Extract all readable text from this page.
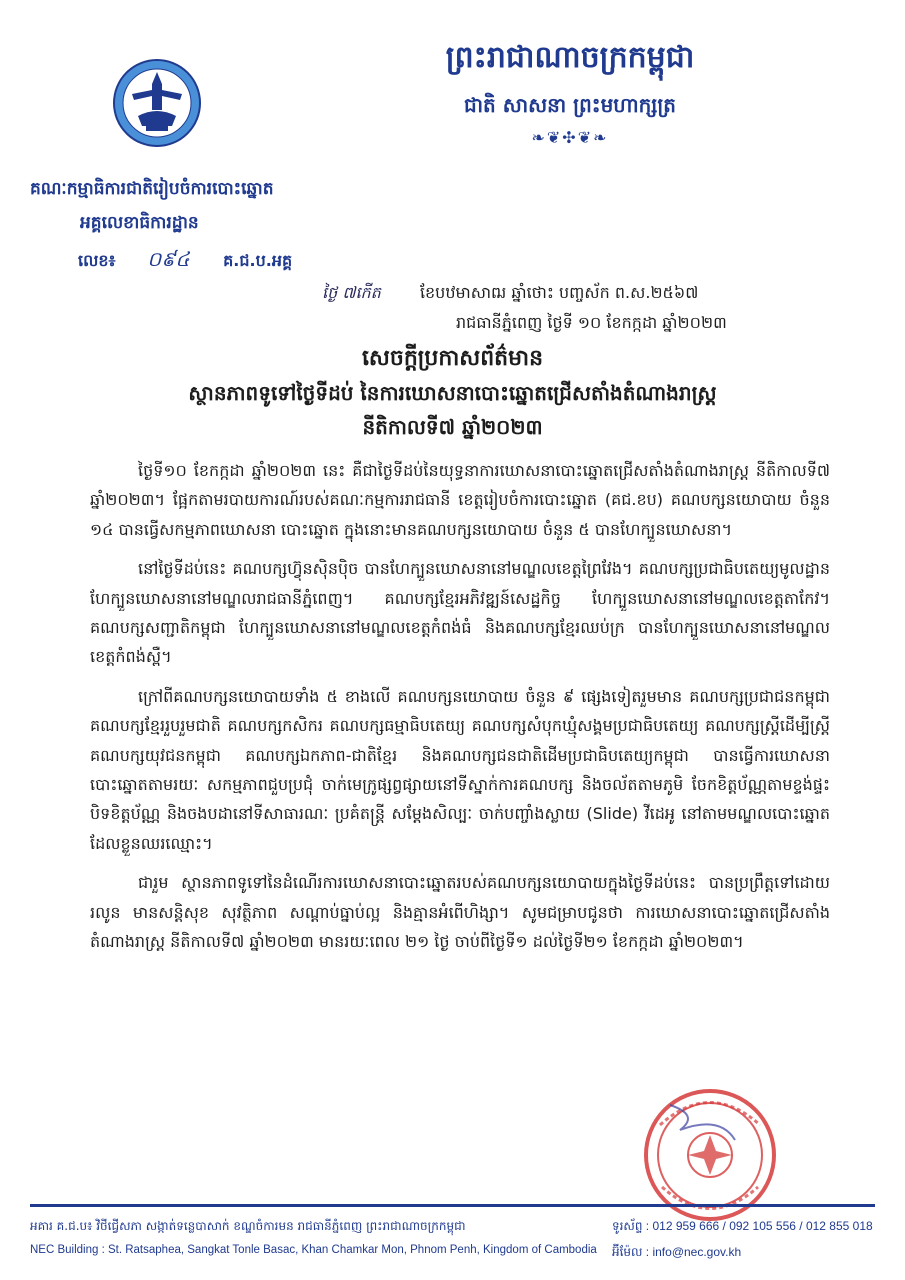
ព្រះរាជាណាចក្រកម្ពុជា
ជាតិ សាសនា ព្រះមហាក្សត្រ
❧❦✣❦❧
គណៈកម្មាធិការជាតិរៀបចំការបោះឆ្នោត
អគ្គលេខាធិការដ្ឋាន
លេខ៖ ០៩៤ គ.ជ.ប.អគ្គ
ថ្ងៃ ៧កើត ខែបឋមាសាឍ ឆ្នាំថោះ បញ្ចស័ក ព.ស.២៥៦៧
រាជធានីភ្នំពេញ ថ្ងៃទី ១០ ខែកក្កដា ឆ្នាំ២០២៣
សេចក្តីប្រកាសព័ត៌មាន
ស្ថានភាពទូទៅថ្ងៃទីដប់ នៃការឃោសនាបោះឆ្នោតជ្រើសតាំងតំណាងរាស្ត្រ
នីតិកាលទី៧ ឆ្នាំ២០២៣

ថ្ងៃទី១០ ខែកក្កដា ឆ្នាំ២០២៣ នេះ គឺជាថ្ងៃទីដប់នៃយុទ្ធនាការឃោសនាបោះឆ្នោតជ្រើសតាំងតំណាងរាស្ត្រ នីតិកាលទី៧ ឆ្នាំ២០២៣។ ផ្អែកតាមរបាយការណ៍របស់គណៈកម្មការរាជធានី ខេត្តរៀបចំការបោះឆ្នោត (គជ.ខប) គណបក្សនយោបាយ ចំនួន ១៤ បានធ្វើសកម្មភាពឃោសនា បោះឆ្នោត ក្នុងនោះមានគណបក្សនយោបាយ ចំនួន ៥ បានហែក្បួនឃោសនា។

នៅថ្ងៃទីដប់នេះ គណបក្សហ៊្វុនស៊ិនប៉ិច បានហែក្បួនឃោសនានៅមណ្ឌលខេត្តព្រៃវែង។ គណបក្សប្រជាធិបតេយ្យមូលដ្ឋាន ហែក្បួនឃោសនានៅមណ្ឌលរាជធានីភ្នំពេញ។ គណបក្សខ្មែរអភិវឌ្ឍន៍សេដ្ឋកិច្ច ហែក្បួនឃោសនានៅមណ្ឌលខេត្តតាកែវ។ គណបក្សសញ្ជាតិកម្ពុជា ហែក្បួនឃោសនានៅមណ្ឌលខេត្តកំពង់ធំ និងគណបក្សខ្មែរឈប់ក្រ បានហែក្បួនឃោសនានៅមណ្ឌលខេត្តកំពង់ស្ពឺ។

ក្រៅពីគណបក្សនយោបាយទាំង ៥ ខាងលើ គណបក្សនយោបាយ ចំនួន ៩ ផ្សេងទៀតរួមមាន គណបក្សប្រជាជនកម្ពុជា គណបក្សខ្មែររួបរួមជាតិ គណបក្សកសិករ គណបក្សធម្មាធិបតេយ្យ គណបក្សសំបុកឃ្មុំសង្គមប្រជាធិបតេយ្យ គណបក្សស្ត្រីដើម្បីស្ត្រី គណបក្សយុវជនកម្ពុជា គណបក្សឯកភាព-ជាតិខ្មែរ និងគណបក្សជនជាតិដើមប្រជាធិបតេយ្យកម្ពុជា បានធ្វើការឃោសនាបោះឆ្នោតតាមរយៈ សកម្មភាពជួបប្រជុំ ចាក់មេក្រូផ្សព្វផ្សាយនៅទីស្នាក់ការគណបក្ស និងចល័តតាមភូមិ ចែកខិត្តប័ណ្ណតាមខ្ទង់ផ្ទះ បិទខិត្តប័ណ្ណ និងចងបដានៅទីសាធារណៈ ប្រគំតន្ត្រី សម្តែងសិល្បៈ ចាក់បញ្ចាំងស្លាយ (Slide) វីដេអូ នៅតាមមណ្ឌលបោះឆ្នោតដែលខ្លួនឈរឈ្មោះ។

ជារួម ស្ថានភាពទូទៅនៃដំណើរការឃោសនាបោះឆ្នោតរបស់គណបក្សនយោបាយក្នុងថ្ងៃទីដប់នេះ បានប្រព្រឹត្តទៅដោយរលូន មានសន្តិសុខ សុវត្ថិភាព សណ្តាប់ធ្នាប់ល្អ និងគ្មានអំពើហិង្សា។ សូមជម្រាបជូនថា ការឃោសនាបោះឆ្នោតជ្រើសតាំងតំណាងរាស្ត្រ នីតិកាលទី៧ ឆ្នាំ២០២៣ មានរយៈពេល ២១ ថ្ងៃ ចាប់ពីថ្ងៃទី១ ដល់ថ្ងៃទី២១ ខែកក្កដា ឆ្នាំ២០២៣។

អគារ គ.ជ.ប៖ វិថីជ្វើសភា សង្កាត់ទន្លេបាសាក់ ខណ្ឌចំការមន រាជធានីភ្នំពេញ ព្រះរាជាណាចក្រកម្ពុជា
NEC Building : St. Ratsaphea, Sangkat Tonle Basac, Khan Chamkar Mon, Phnom Penh, Kingdom of Cambodia
ទូរស័ព្ទ : 012 959 666 / 092 105 556 / 012 855 018
អ៊ីម៉ែល : info@nec.gov.kh
